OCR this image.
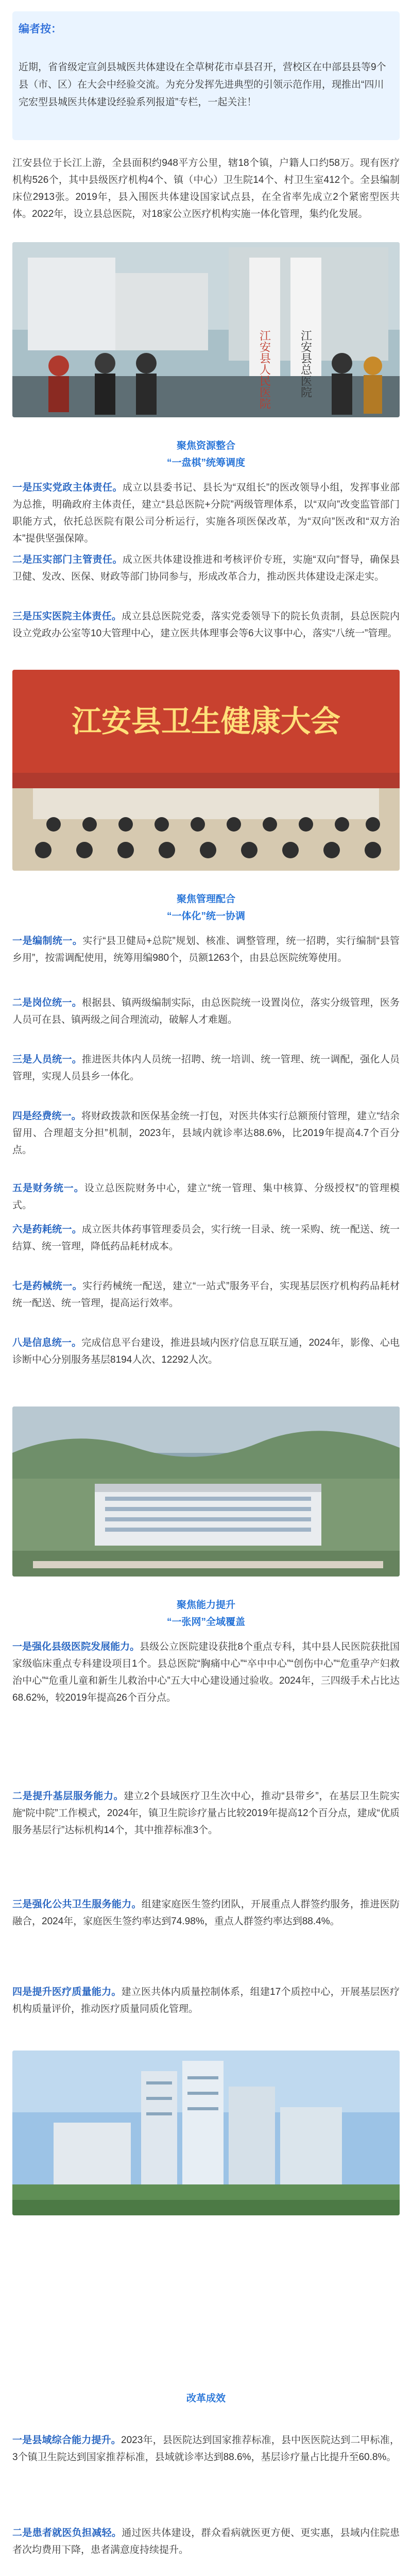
编者按：
近期，省省级定宣剑县城医共体建设在全草树花市卓县召开，营校区在中部县县等9个县（市、区）在大会中经验交流。为充分发挥先进典型的引领示范作用，现推出“四川完宏型县城医共体建设经验系列报道”专栏，一起关注！
江安县位于长江上游，全县面积约948平方公里，辖18个镇，户籍人口约58万。现有医疗机构526个，其中县级医疗机构4个、镇（中心）卫生院14个、村卫生室412个。全县编制床位2913张。2019年，县入围医共体建设国家试点县，在全省率先成立2个紧密型医共体。2022年，设立县总医院，对18家公立医疗机构实施一体化管理，集约化发展。
江安县人民医院	江安县总医院
聚焦资源整合
“一盘棋”统筹调度
一是压实党政主体责任。成立以县委书记、县长为“双组长”的医改领导小组，发挥事业部为总推，明确政府主体责任，建立“县总医院+分院”两级管理体系，以“双向”改变监管部门职能方式，依托总医院有限公司分析运行，实施各项医保改革，为“双向”医改和“双方治本”提供坚强保障。
二是压实部门主管责任。成立医共体建设推进和考核评价专班，实施“双向”督导，确保县卫健、发改、医保、财政等部门协同参与，形成改革合力，推动医共体建设走深走实。
三是压实医院主体责任。成立县总医院党委，落实党委领导下的院长负责制，县总医院内设立党政办公室等10大管理中心，建立医共体理事会等6大议事中心，落实“八统一”管理。
江安县卫生健康大会
聚焦管理配合
“一体化”统一协调
一是编制统一。实行“县卫健局+总院”规划、核准、调整管理，统一招聘，实行编制“县管乡用”，按需调配使用，统筹用编980个，员额1263个，由县总医院统筹使用。
二是岗位统一。根据县、镇两级编制实际，由总医院统一设置岗位，落实分级管理，医务人员可在县、镇两级之间合理流动，破解人才难题。
三是人员统一。推进医共体内人员统一招聘、统一培训、统一管理、统一调配，强化人员管理，实现人员县乡一体化。
四是经费统一。将财政拨款和医保基金统一打包，对医共体实行总额预付管理，建立“结余留用、合理超支分担”机制，2023年，县域内就诊率达88.6%，比2019年提高4.7个百分点。
五是财务统一。设立总医院财务中心，建立“统一管理、集中核算、分级授权”的管理模式。
六是药耗统一。成立医共体药事管理委员会，实行统一目录、统一采购、统一配送、统一结算、统一管理，降低药品耗材成本。
七是药械统一。实行药械统一配送，建立“一站式”服务平台，实现基层医疗机构药品耗材统一配送、统一管理，提高运行效率。
八是信息统一。完成信息平台建设，推进县域内医疗信息互联互通，2024年，影像、心电诊断中心分别服务基层8194人次、12292人次。
聚焦能力提升
“一张网”全域覆盖
一是强化县级医院发展能力。县级公立医院建设获批8个重点专科，其中县人民医院获批国家级临床重点专科建设项目1个。县总医院“胸痛中心”“卒中中心”“创伤中心”“危重孕产妇救治中心”“危重儿童和新生儿救治中心”五大中心建设通过验收。2024年，三四级手术占比达68.62%，较2019年提高26个百分点。
二是提升基层服务能力。建立2个县域医疗卫生次中心，推动“县带乡”，在基层卫生院实施“院中院”工作模式，2024年，镇卫生院诊疗量占比较2019年提高12个百分点，建成“优质服务基层行”达标机构14个，其中推荐标准3个。
三是强化公共卫生服务能力。组建家庭医生签约团队，开展重点人群签约服务，推进医防融合，2024年，家庭医生签约率达到74.98%，重点人群签约率达到88.4%。
四是提升医疗质量能力。建立医共体内质量控制体系，组建17个质控中心，开展基层医疗机构质量评价，推动医疗质量同质化管理。
改革成效
一是县域综合能力提升。2023年，县医院达到国家推荐标准，县中医医院达到二甲标准，3个镇卫生院达到国家推荐标准，县域就诊率达到88.6%，基层诊疗量占比提升至60.8%。
二是患者就医负担减轻。通过医共体建设，群众看病就医更方便、更实惠，县域内住院患者次均费用下降，患者满意度持续提升。
